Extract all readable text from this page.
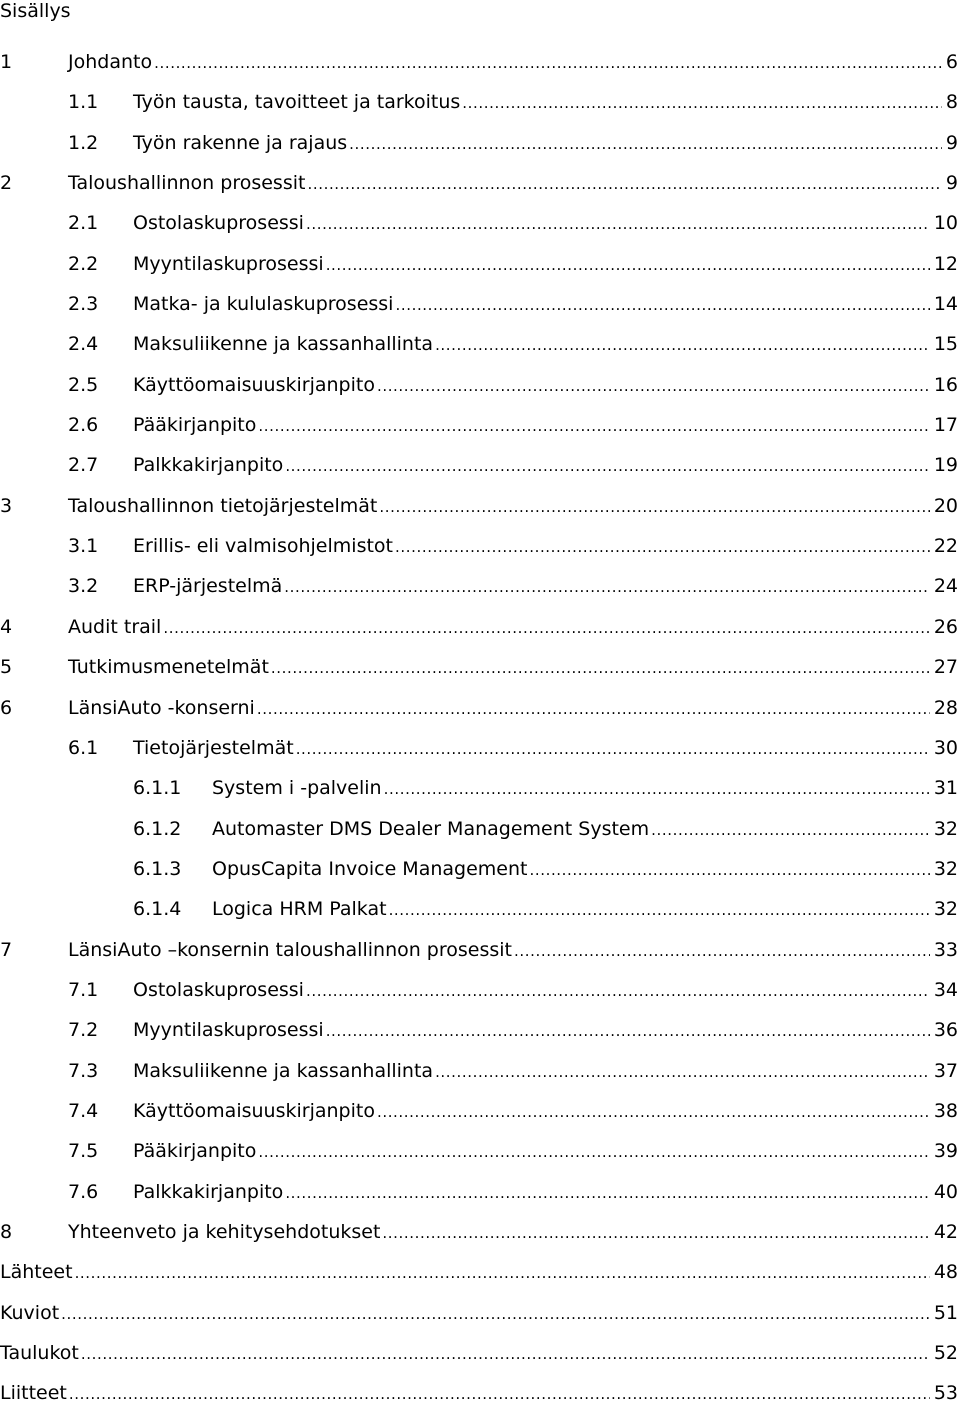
Sisällys
1	Johdanto .....	6
1.1	Työn tausta, tavoitteet ja tarkoitus .....	8
1.2	Työn rakenne ja rajaus .....	9
2	Taloushallinnon prosessit .....	9
2.1	Ostolaskuprosessi .....	10
2.2	Myyntilaskuprosessi .....	12
2.3	Matka- ja kululaskuprosessi .....	14
2.4	Maksuliikenne ja kassanhallinta .....	15
2.5	Käyttöomaisuuskirjanpito .....	16
2.6	Pääkirjanpito .....	17
2.7	Palkkakirjanpito .....	19
3	Taloushallinnon tietojärjestelmät .....	20
3.1	Erillis- eli valmisohjelmistot .....	22
3.2	ERP-järjestelmä .....	24
4	Audit trail .....	26
5	Tutkimusmenetelmät .....	27
6	LänsiAuto -konserni .....	28
6.1	Tietojärjestelmät .....	30
6.1.1	System i -palvelin .....	31
6.1.2	Automaster DMS Dealer Management System .....	32
6.1.3	OpusCapita Invoice Management .....	32
6.1.4	Logica HRM Palkat .....	32
7	LänsiAuto –konsernin taloushallinnon prosessit .....	33
7.1	Ostolaskuprosessi .....	34
7.2	Myyntilaskuprosessi .....	36
7.3	Maksuliikenne ja kassanhallinta .....	37
7.4	Käyttöomaisuuskirjanpito .....	38
7.5	Pääkirjanpito .....	39
7.6	Palkkakirjanpito .....	40
8	Yhteenveto ja kehitysehdotukset .....	42
Lähteet .....	48
Kuviot .....	51
Taulukot .....	52
Liitteet .....	53
